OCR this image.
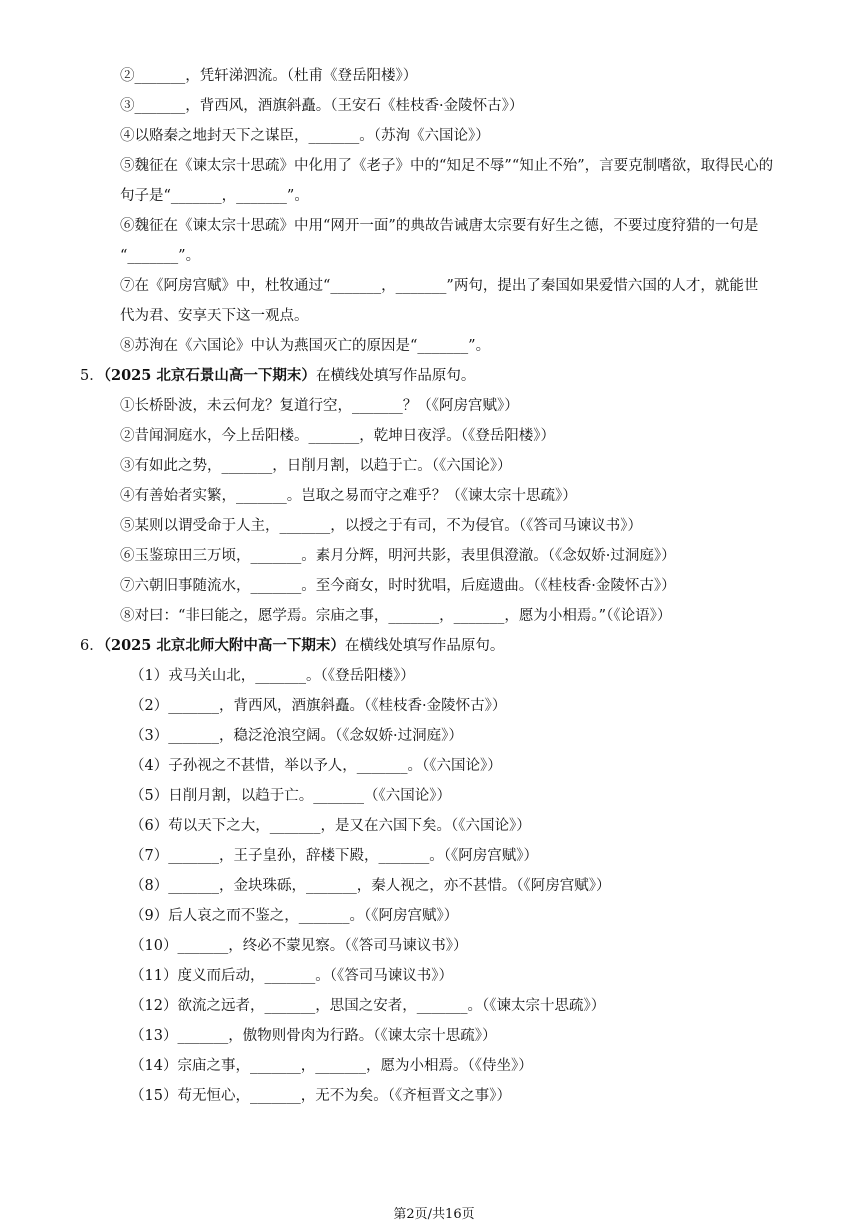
②_______，凭轩涕泗流。（杜甫《登岳阳楼》）
③_______，背西风，酒旗斜矗。（王安石《桂枝香·金陵怀古》）
④以赂秦之地封天下之谋臣，_______。（苏洵《六国论》）
⑤魏征在《谏太宗十思疏》中化用了《老子》中的“知足不辱”“知止不殆”，言要克制嗜欲，取得民心的
句子是“_______，_______”。
⑥魏征在《谏太宗十思疏》中用“网开一面”的典故告诫唐太宗要有好生之德，不要过度狩猎的一句是
“_______”。
⑦在《阿房宫赋》中，杜牧通过“_______，_______”两句，提出了秦国如果爱惜六国的人才，就能世
代为君、安享天下这一观点。
⑧苏洵在《六国论》中认为燕国灭亡的原因是“_______”。
5．（2025 北京石景山高一下期末）在横线处填写作品原句。
①长桥卧波，未云何龙？复道行空，_______？（《阿房宫赋》）
②昔闻洞庭水，今上岳阳楼。_______，乾坤日夜浮。（《登岳阳楼》）
③有如此之势，_______，日削月割，以趋于亡。（《六国论》）
④有善始者实繁，_______。岂取之易而守之难乎？（《谏太宗十思疏》）
⑤某则以谓受命于人主，_______，以授之于有司，不为侵官。（《答司马谏议书》）
⑥玉鉴琼田三万顷，_______。素月分辉，明河共影，表里俱澄澈。（《念奴娇·过洞庭》）
⑦六朝旧事随流水，_______。至今商女，时时犹唱，后庭遗曲。（《桂枝香·金陵怀古》）
⑧对曰：“非曰能之，愿学焉。宗庙之事，_______，_______，愿为小相焉。”（《论语》）
6．（2025 北京北师大附中高一下期末）在横线处填写作品原句。
（1）戎马关山北，_______。（《登岳阳楼》）
（2）_______，背西风，酒旗斜矗。（《桂枝香·金陵怀古》）
（3）_______，稳泛沧浪空阔。（《念奴娇·过洞庭》）
（4）子孙视之不甚惜，举以予人，_______。（《六国论》）
（5）日削月割，以趋于亡。_______（《六国论》）
（6）苟以天下之大，_______，是又在六国下矣。（《六国论》）
（7）_______，王子皇孙，辞楼下殿，_______。（《阿房宫赋》）
（8）_______，金块珠砾，_______，秦人视之，亦不甚惜。（《阿房宫赋》）
（9）后人哀之而不鉴之，_______。（《阿房宫赋》）
（10）_______，终必不蒙见察。（《答司马谏议书》）
（11）度义而后动，_______。（《答司马谏议书》）
（12）欲流之远者，_______，思国之安者，_______。（《谏太宗十思疏》）
（13）_______，傲物则骨肉为行路。（《谏太宗十思疏》）
（14）宗庙之事，_______，_______，愿为小相焉。（《侍坐》）
（15）苟无恒心，_______，无不为矣。（《齐桓晋文之事》）
第2页/共16页
